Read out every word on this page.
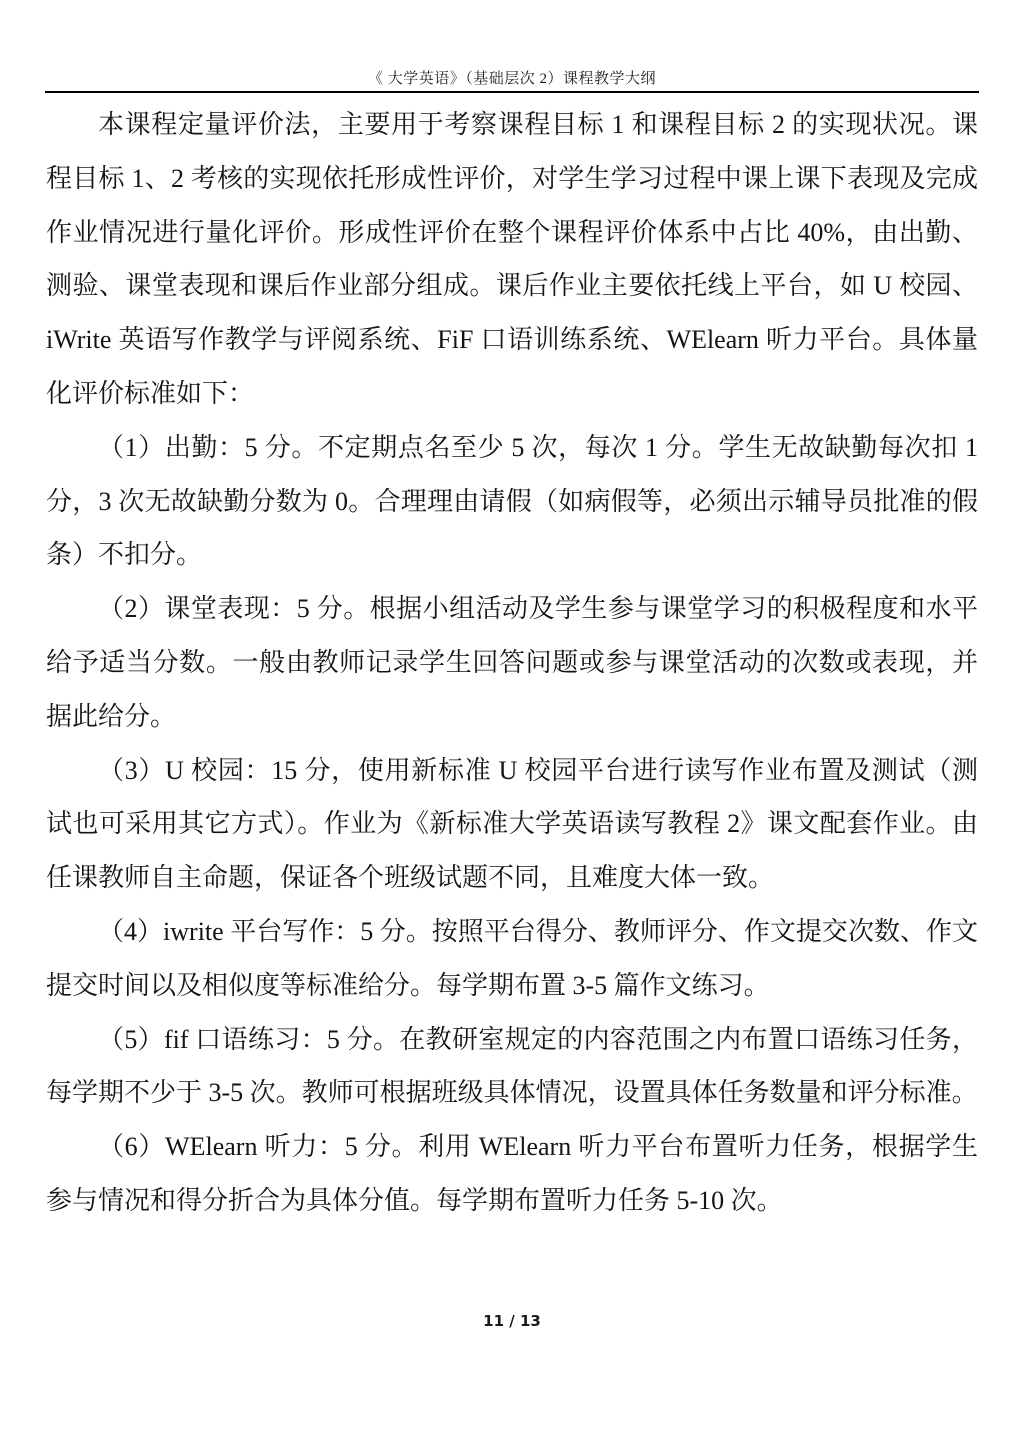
《 大学英语》（基础层次 2）课程教学大纲

本课程定量评价法，主要用于考察课程目标 1 和课程目标 2 的实现状况。课程目标 1、2 考核的实现依托形成性评价，对学生学习过程中课上课下表现及完成作业情况进行量化评价。形成性评价在整个课程评价体系中占比 40%，由出勤、测验、课堂表现和课后作业部分组成。课后作业主要依托线上平台，如 U 校园、iWrite 英语写作教学与评阅系统、FiF 口语训练系统、WElearn 听力平台。具体量化评价标准如下：

（1）出勤：5 分。不定期点名至少 5 次，每次 1 分。学生无故缺勤每次扣 1 分，3 次无故缺勤分数为 0。合理理由请假（如病假等，必须出示辅导员批准的假条）不扣分。

（2）课堂表现：5 分。根据小组活动及学生参与课堂学习的积极程度和水平给予适当分数。一般由教师记录学生回答问题或参与课堂活动的次数或表现，并据此给分。

（3）U 校园：15 分，使用新标准 U 校园平台进行读写作业布置及测试（测试也可采用其它方式）。作业为《新标准大学英语读写教程 2》课文配套作业。由任课教师自主命题，保证各个班级试题不同，且难度大体一致。

（4）iwrite 平台写作：5 分。按照平台得分、教师评分、作文提交次数、作文提交时间以及相似度等标准给分。每学期布置 3-5 篇作文练习。

（5）fif 口语练习：5 分。在教研室规定的内容范围之内布置口语练习任务，每学期不少于 3-5 次。教师可根据班级具体情况，设置具体任务数量和评分标准。

（6）WElearn 听力：5 分。利用 WElearn 听力平台布置听力任务，根据学生参与情况和得分折合为具体分值。每学期布置听力任务 5-10 次。

11 / 13
